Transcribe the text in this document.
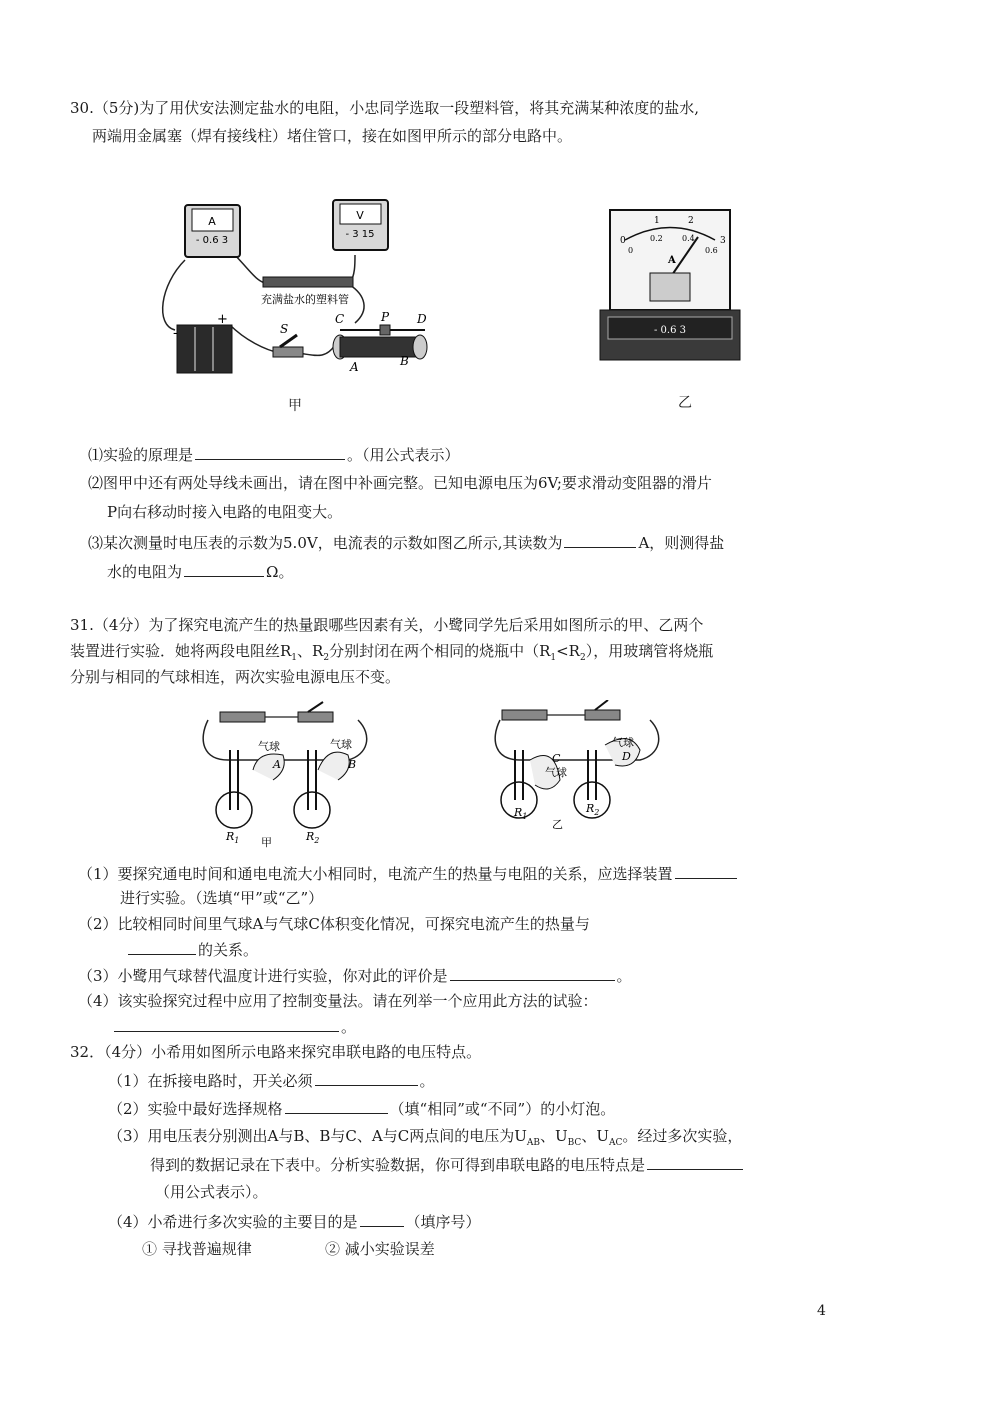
30.（5分)为了用伏安法测定盐水的电阻，小忠同学选取一段塑料管，将其充满某种浓度的盐水,
两端用金属塞（焊有接线柱）堵住管口，接在如图甲所示的部分电路中。
A
- 0.6 3
V
- 3 15
充满盐水的塑料管
-
+
S
C	P D
A	B
甲
0
1	2
3
0
0.2 0.4
0.6
A
- 0.6 3
乙
⑴实验的原理是	。（用公式表示）
⑵图甲中还有两处导线未画出，请在图中补画完整。已知电源电压为6V;要求滑动变阻器的滑片
P向右移动时接入电路的电阻变大。
⑶某次测量时电压表的示数为5.0V，电流表的示数如图乙所示,其读数为	A，则测得盐
水的电阻为	Ω。
31.（4分）为了探究电流产生的热量跟哪些因素有关，小鹭同学先后采用如图所示的甲、乙两个
装置进行实验．她将两段电阻丝$R_1$、$R_2$分别封闭在两个相同的烧瓶中$(R_1<R_2)$，用玻璃管将烧瓶
分别与相同的气球相连，两次实验电源电压不变。
气球
A
气球
B
$R_1$	$R_2$
甲
C
气球
气球
D
$R_1$
$R_2$
乙
（1）要探究通电时间和通电电流大小相同时，电流产生的热量与电阻的关系，应选择装置
进行实验。（选填“甲”或“乙”）
（2）比较相同时间里气球A与气球C体积变化情况，可探究电流产生的热量与
的关系。
（3）小鹭用气球替代温度计进行实验，你对此的评价是	。
（4）该实验探究过程中应用了控制变量法。请在列举一个应用此方法的试验：
。
32．（4分）小希用如图所示电路来探究串联电路的电压特点。
（1）在拆接电路时，开关必须	。
（2）实验中最好选择规格	（填“相同”或“不同”）的小灯泡。
（3）用电压表分别测出A与B、B与C、A与C两点间的电压为$U_{AB}$、$U_{BC}$、$U_{AC}$。经过多次实验，
得到的数据记录在下表中。分析实验数据，你可得到串联电路的电压特点是
（用公式表示）。
（4）小希进行多次实验的主要目的是	（填序号）
① 寻找普遍规律	② 减小实验误差
4
